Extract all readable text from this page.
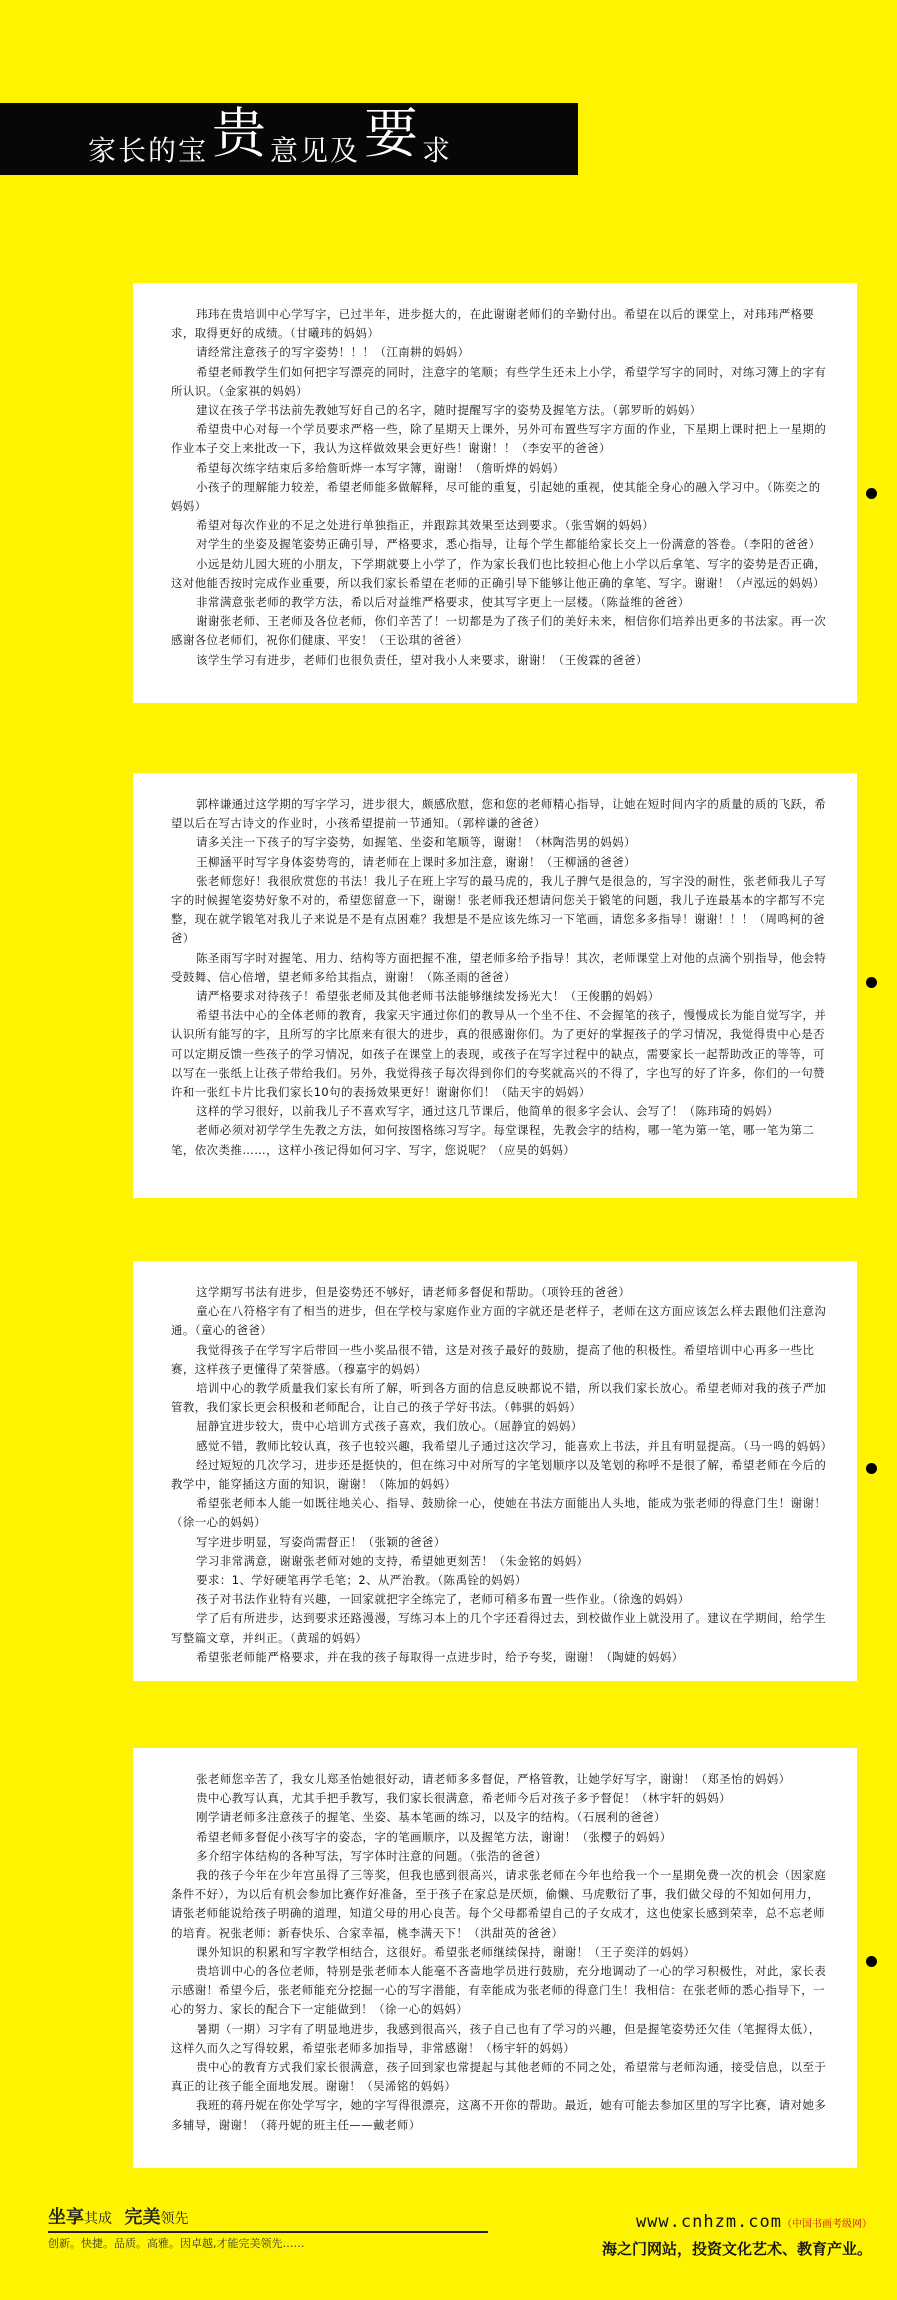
家长的宝 贵 意见及 要 求

玮玮在贵培训中心学写字，已过半年，进步挺大的，在此谢谢老师们的辛勤付出。希望在以后的课堂上，对玮玮严格要求，取得更好的成绩。（甘曦玮的妈妈）

请经常注意孩子的写字姿势！！！（江南耕的妈妈）

希望老师教学生们如何把字写漂亮的同时，注意字的笔顺；有些学生还未上小学，希望学写字的同时，对练习簿上的字有所认识。（金家祺的妈妈）

建议在孩子学书法前先教她写好自己的名字，随时提醒写字的姿势及握笔方法。（郭罗昕的妈妈）

希望贵中心对每一个学员要求严格一些，除了星期天上课外，另外可布置些写字方面的作业，下星期上课时把上一星期的作业本子交上来批改一下，我认为这样做效果会更好些！谢谢！！（李安平的爸爸）

希望每次练字结束后多给詹昕烨一本写字簿，谢谢！（詹昕烨的妈妈）

小孩子的理解能力较差，希望老师能多做解释，尽可能的重复，引起她的重视，使其能全身心的融入学习中。（陈奕之的妈妈）

希望对每次作业的不足之处进行单独指正，并跟踪其效果至达到要求。（张雪娴的妈妈）

对学生的坐姿及握笔姿势正确引导，严格要求，悉心指导，让每个学生都能给家长交上一份满意的答卷。（李阳的爸爸）

小远是幼儿园大班的小朋友，下学期就要上小学了，作为家长我们也比较担心他上小学以后拿笔、写字的姿势是否正确，这对他能否按时完成作业重要，所以我们家长希望在老师的正确引导下能够让他正确的拿笔、写字。谢谢！（卢泓远的妈妈）

非常满意张老师的教学方法，希以后对益维严格要求，使其写字更上一层楼。（陈益维的爸爸）

谢谢张老师、王老师及各位老师，你们辛苦了！一切都是为了孩子们的美好未来，相信你们培养出更多的书法家。再一次感谢各位老师们，祝你们健康、平安！（王讼琪的爸爸）

该学生学习有进步，老师们也很负责任，望对我小人来要求，谢谢！（王俊霖的爸爸）

郭梓谦通过这学期的写字学习，进步很大，颇感欣慰，您和您的老师精心指导，让她在短时间内字的质量的质的飞跃，希望以后在写古诗文的作业时，小孩希望提前一节通知。（郭梓谦的爸爸）

请多关注一下孩子的写字姿势，如握笔、坐姿和笔顺等，谢谢！（林陶浩男的妈妈）

王柳涵平时写字身体姿势弯的，请老师在上课时多加注意，谢谢！（王柳涵的爸爸）

张老师您好！我很欣赏您的书法！我儿子在班上字写的最马虎的，我儿子脾气是很急的，写字没的耐性，张老师我儿子写字的时候握笔姿势好象不对的，希望您留意一下，谢谢！张老师我还想请问您关于锻笔的问题，我儿子连最基本的字都写不完整，现在就学锻笔对我儿子来说是不是有点困难？我想是不是应该先练习一下笔画，请您多多指导！谢谢！！！（周鸣柯的爸爸）

陈圣雨写字时对握笔、用力、结构等方面把握不准，望老师多给予指导！其次，老师课堂上对他的点滴个别指导，他会特受鼓舞、信心倍增，望老师多给其指点，谢谢！（陈圣雨的爸爸）

请严格要求对待孩子！希望张老师及其他老师书法能够继续发扬光大！（王俊鹏的妈妈）

希望书法中心的全体老师的教育，我家天宇通过你们的教导从一个坐不住、不会握笔的孩子，慢慢成长为能自觉写字，并认识所有能写的字，且所写的字比原来有很大的进步，真的很感谢你们。为了更好的掌握孩子的学习情况，我觉得贵中心是否可以定期反馈一些孩子的学习情况，如孩子在课堂上的表现，或孩子在写字过程中的缺点，需要家长一起帮助改正的等等，可以写在一张纸上让孩子带给我们。另外，我觉得孩子每次得到你们的夸奖就高兴的不得了，字也写的好了许多，你们的一句赞许和一张红卡片比我们家长10句的表扬效果更好！谢谢你们！（陆天宇的妈妈）

这样的学习很好，以前我儿子不喜欢写字，通过这几节课后，他简单的很多字会认、会写了！（陈玮琦的妈妈）

老师必须对初学学生先教之方法，如何按图格练习写字。每堂课程，先教会字的结构，哪一笔为第一笔，哪一笔为第二笔，依次类推……，这样小孩记得如何习字、写字，您说呢？（应昊的妈妈）

这学期写书法有进步，但是姿势还不够好，请老师多督促和帮助。（项铃珏的爸爸）

童心在八符格字有了相当的进步，但在学校与家庭作业方面的字就还是老样子，老师在这方面应该怎么样去跟他们注意沟通。（童心的爸爸）

我觉得孩子在学写字后带回一些小奖品很不错，这是对孩子最好的鼓励，提高了他的积极性。希望培训中心再多一些比赛，这样孩子更懂得了荣誉感。（穆嘉宇的妈妈）

培训中心的教学质量我们家长有所了解，听到各方面的信息反映都说不错，所以我们家长放心。希望老师对我的孩子严加管教，我们家长更会积极和老师配合，让自己的孩子学好书法。（韩骐的妈妈）

屈静宜进步较大，贵中心培训方式孩子喜欢，我们放心。（屈静宜的妈妈）

感觉不错，教师比较认真，孩子也较兴趣，我希望儿子通过这次学习，能喜欢上书法，并且有明显提高。（马一鸣的妈妈）

经过短短的几次学习，进步还是挺快的，但在练习中对所写的字笔划顺序以及笔划的称呼不是很了解，希望老师在今后的教学中，能穿插这方面的知识，谢谢！（陈加的妈妈）

希望张老师本人能一如既往地关心、指导、鼓励徐一心，使她在书法方面能出人头地，能成为张老师的得意门生！谢谢！（徐一心的妈妈）

写字进步明显，写姿尚需督正！（张颖的爸爸）

学习非常满意，谢谢张老师对她的支持，希望她更刻苦！（朱金铭的妈妈）

要求：1、学好硬笔再学毛笔；2、从严治教。（陈禹铨的妈妈）

孩子对书法作业特有兴趣，一回家就把字全练完了，老师可稍多布置一些作业。（徐逸的妈妈）

学了后有所进步，达到要求还路漫漫，写练习本上的几个字还看得过去，到校做作业上就没用了。建议在学期间，给学生写整篇文章，并纠正。（黄瑶的妈妈）

希望张老师能严格要求，并在我的孩子每取得一点进步时，给予夸奖，谢谢！（陶婕的妈妈）

张老师您辛苦了，我女儿郑圣怡她很好动，请老师多多督促，严格管教，让她学好写字，谢谢！（郑圣怡的妈妈）

贵中心教写认真，尤其手把手教写，我们家长很满意，希老师今后对孩子多予督促！（林宇轩的妈妈）

刚学请老师多注意孩子的握笔、坐姿、基本笔画的练习，以及字的结构。（石展利的爸爸）

希望老师多督促小孩写字的姿态，字的笔画顺序，以及握笔方法，谢谢！（张樱子的妈妈）

多介绍字体结构的各种写法，写字体时注意的问题。（张浩的爸爸）

我的孩子今年在少年宫虽得了三等奖，但我也感到很高兴，请求张老师在今年也给我一个一星期免费一次的机会（因家庭条件不好），为以后有机会参加比赛作好准备，至于孩子在家总是厌烦，偷懒、马虎敷衍了事，我们做父母的不知如何用力，请张老师能说给孩子明确的道理，知道父母的用心良苦。每个父母都希望自己的子女成才，这也使家长感到荣幸，总不忘老师的培育。祝张老师：新春快乐、合家幸福，桃李满天下！（洪甜英的爸爸）

课外知识的积累和写字教学相结合，这很好。希望张老师继续保持，谢谢！（王子奕洋的妈妈）

贵培训中心的各位老师，特别是张老师本人能毫不吝啬地学员进行鼓励，充分地调动了一心的学习积极性，对此，家长表示感谢！希望今后，张老师能充分挖掘一心的写字潜能，有幸能成为张老师的得意门生！我相信：在张老师的悉心指导下，一心的努力、家长的配合下一定能做到！（徐一心的妈妈）

暑期（一期）习字有了明显地进步，我感到很高兴，孩子自己也有了学习的兴趣，但是握笔姿势还欠佳（笔握得太低），这样久而久之写得较累，希望张老师多加指导，非常感谢！（杨宇轩的妈妈）

贵中心的教育方式我们家长很满意，孩子回到家也常提起与其他老师的不同之处，希望常与老师沟通，接受信息，以至于真正的让孩子能全面地发展。谢谢！（吴浠铭的妈妈）

我班的蒋丹妮在你处学写字，她的字写得很漂亮，这离不开你的帮助。最近，她有可能去参加区里的写字比赛，请对她多多辅导，谢谢！（蒋丹妮的班主任——戴老师）

坐享其成 完美领先
创新。快捷。品质。高雅。因卓越,才能完美领先……
www.cnhzm.com（中国书画考级网）
海之门网站，投资文化艺术、教育产业。
